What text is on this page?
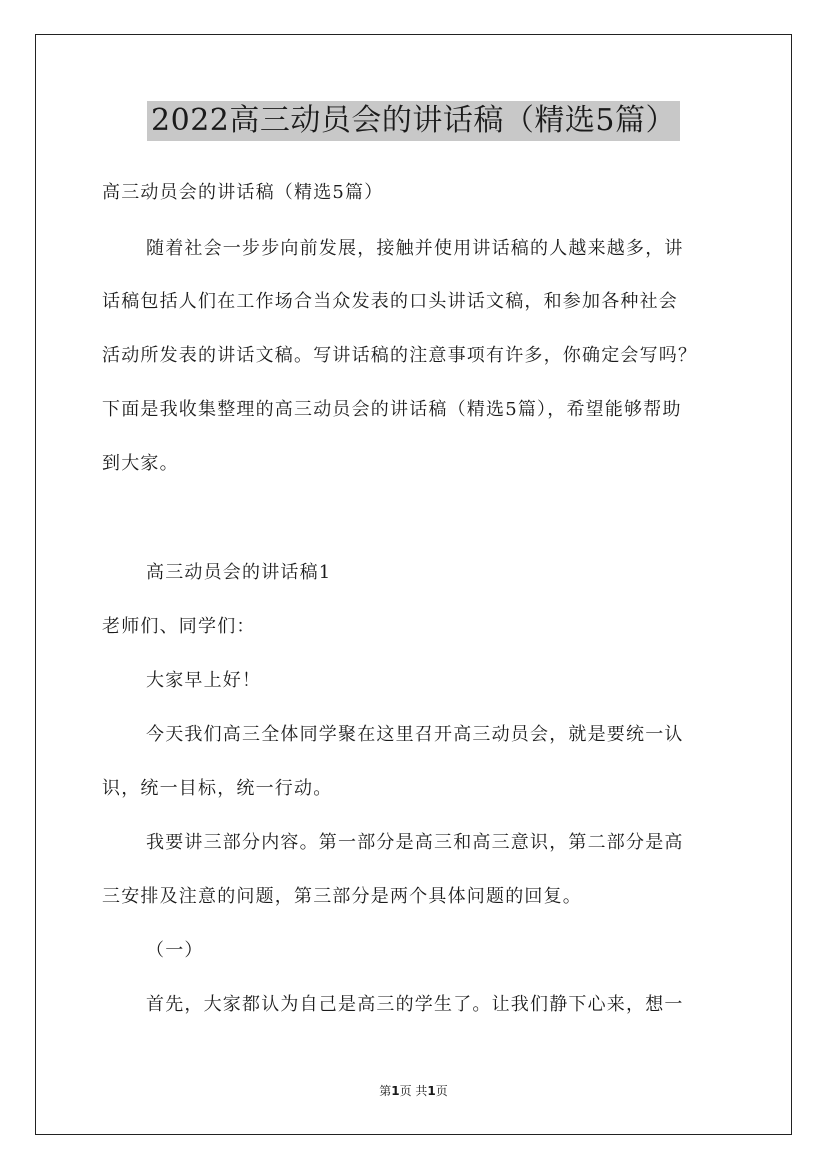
2022高三动员会的讲话稿（精选5篇）
高三动员会的讲话稿（精选5篇）
随着社会一步步向前发展，接触并使用讲话稿的人越来越多，讲
话稿包括人们在工作场合当众发表的口头讲话文稿，和参加各种社会
活动所发表的讲话文稿。写讲话稿的注意事项有许多，你确定会写吗？
下面是我收集整理的高三动员会的讲话稿（精选5篇），希望能够帮助
到大家。
高三动员会的讲话稿1
老师们、同学们：
大家早上好！
今天我们高三全体同学聚在这里召开高三动员会，就是要统一认
识，统一目标，统一行动。
我要讲三部分内容。第一部分是高三和高三意识，第二部分是高
三安排及注意的问题，第三部分是两个具体问题的回复。
（一）
首先，大家都认为自己是高三的学生了。让我们静下心来，想一
第1页 共1页
